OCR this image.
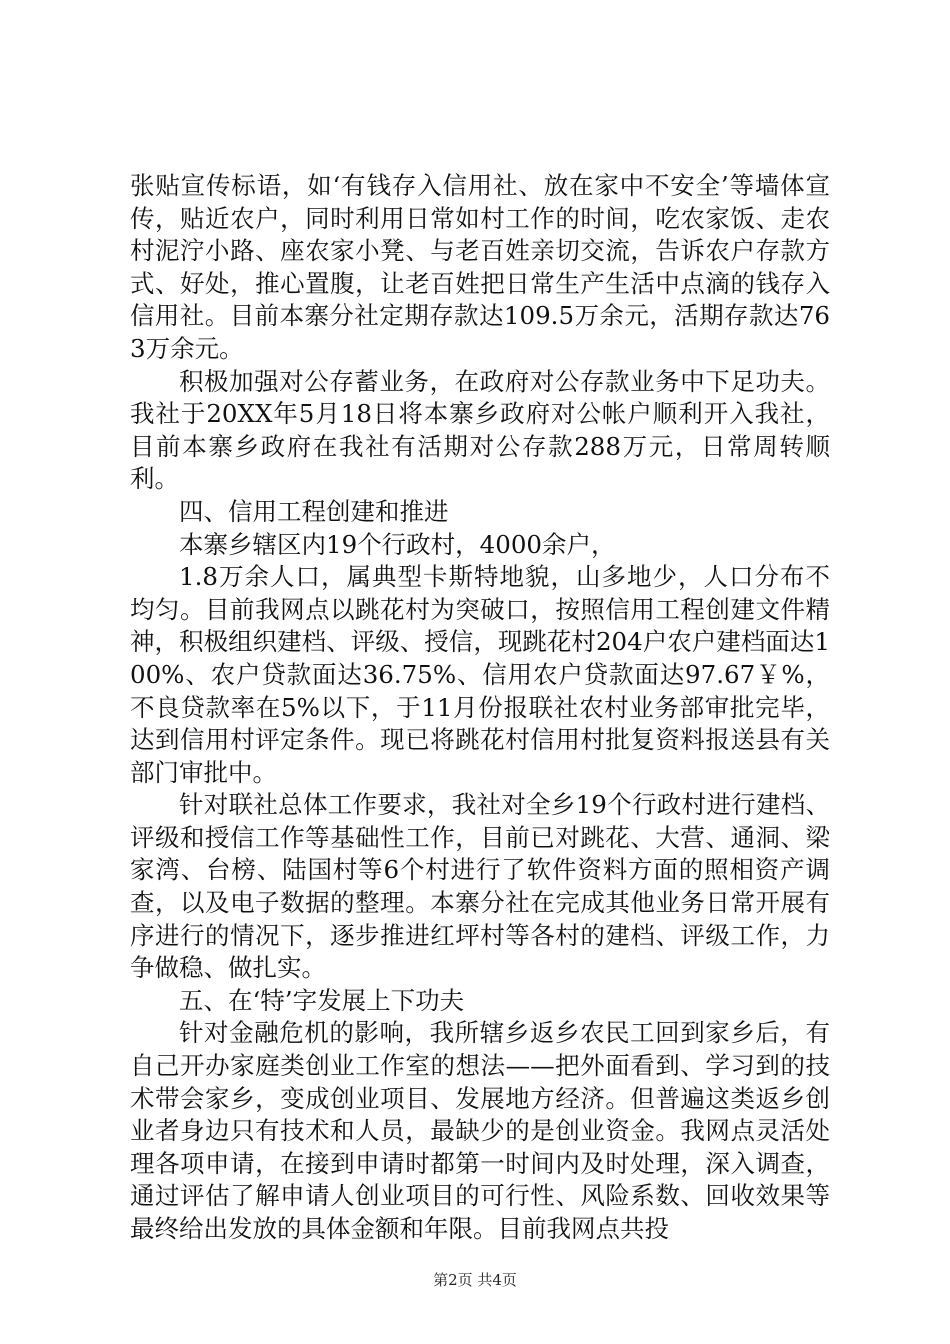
张贴宣传标语，如‘有钱存入信用社、放在家中不安全’等墙体宣传，贴近农户，同时利用日常如村工作的时间，吃农家饭、走农村泥泞小路、座农家小凳、与老百姓亲切交流，告诉农户存款方式、好处，推心置腹，让老百姓把日常生产生活中点滴的钱存入信用社。目前本寨分社定期存款达109.5万余元，活期存款达763万余元。

积极加强对公存蓄业务，在政府对公存款业务中下足功夫。我社于20XX年5月18日将本寨乡政府对公帐户顺利开入我社，目前本寨乡政府在我社有活期对公存款288万元，日常周转顺利。

四、信用工程创建和推进

本寨乡辖区内19个行政村，4000余户，

1.8万余人口，属典型卡斯特地貌，山多地少，人口分布不均匀。目前我网点以跳花村为突破口，按照信用工程创建文件精神，积极组织建档、评级、授信，现跳花村204户农户建档面达100%、农户贷款面达36.75%、信用农户贷款面达97.67￥%，不良贷款率在5%以下，于11月份报联社农村业务部审批完毕，达到信用村评定条件。现已将跳花村信用村批复资料报送县有关部门审批中。

针对联社总体工作要求，我社对全乡19个行政村进行建档、评级和授信工作等基础性工作，目前已对跳花、大营、通洞、梁家湾、台榜、陆国村等6个村进行了软件资料方面的照相资产调查，以及电子数据的整理。本寨分社在完成其他业务日常开展有序进行的情况下，逐步推进红坪村等各村的建档、评级工作，力争做稳、做扎实。

五、在‘特’字发展上下功夫

针对金融危机的影响，我所辖乡返乡农民工回到家乡后，有自己开办家庭类创业工作室的想法——把外面看到、学习到的技术带会家乡，变成创业项目、发展地方经济。但普遍这类返乡创业者身边只有技术和人员，最缺少的是创业资金。我网点灵活处理各项申请，在接到申请时都第一时间内及时处理，深入调查，通过评估了解申请人创业项目的可行性、风险系数、回收效果等最终给出发放的具体金额和年限。目前我网点共投

第2页 共4页
